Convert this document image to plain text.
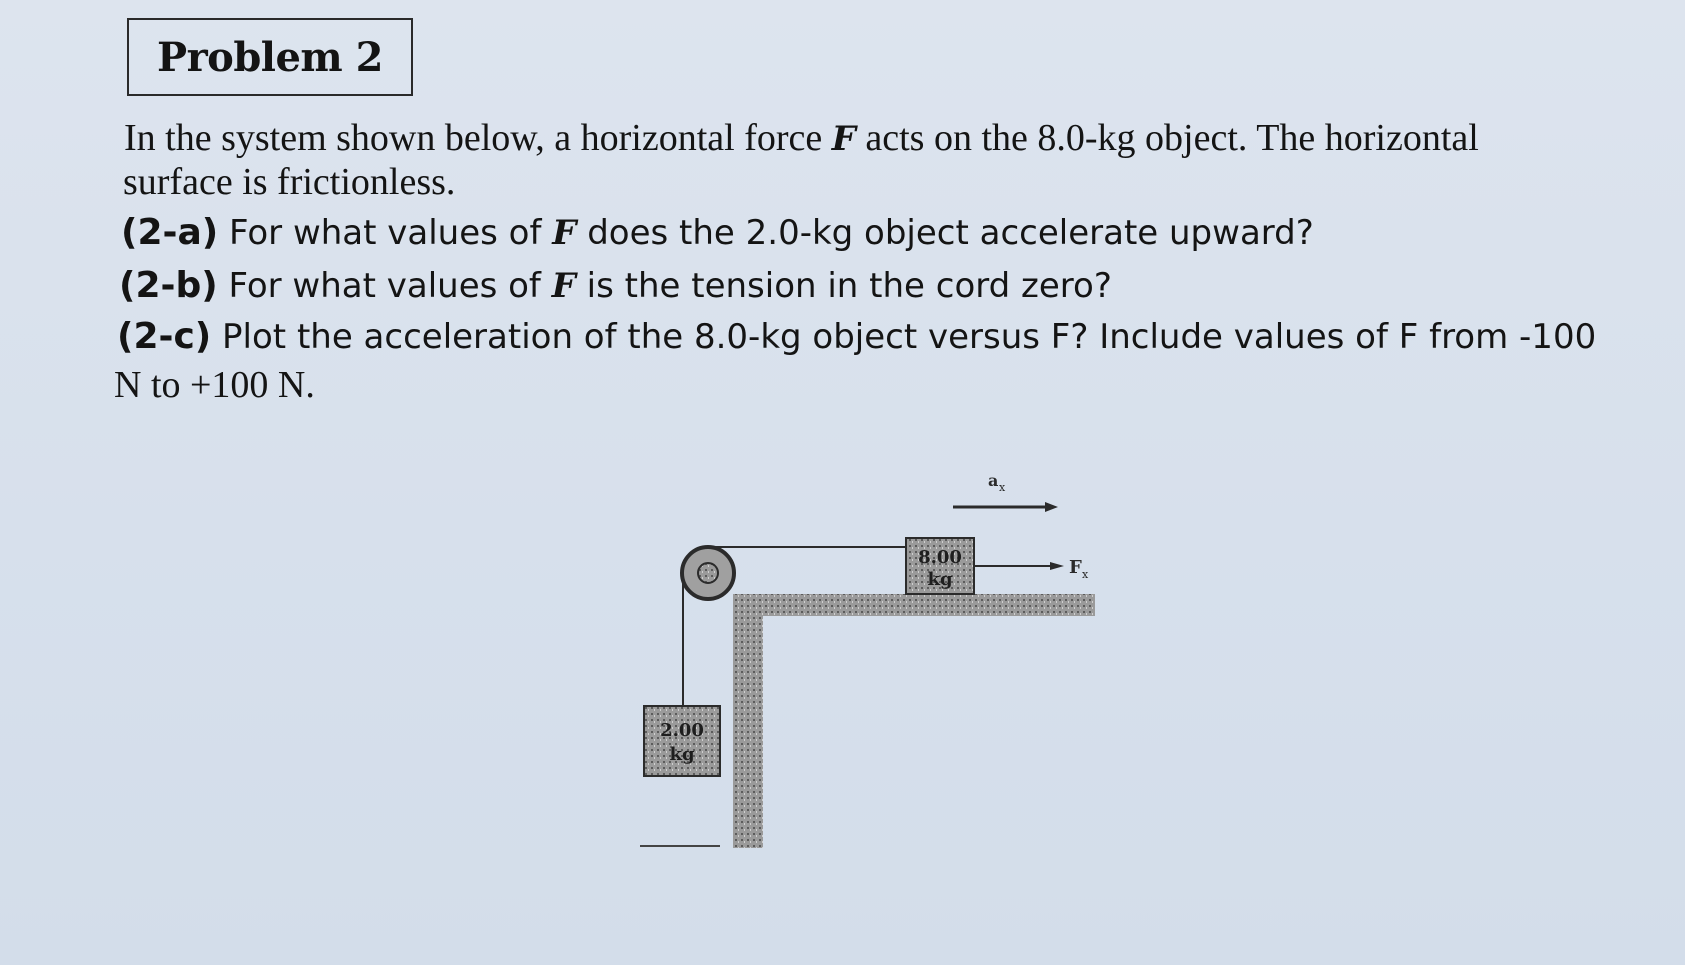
Problem 2
In the system shown below, a horizontal force F acts on the 8.0-kg object. The horizontal
surface is frictionless.
(2-a) For what values of F does the 2.0-kg object accelerate upward?
(2-b) For what values of F is the tension in the cord zero?
(2-c) Plot the acceleration of the 8.0-kg object versus F? Include values of F from -100
N to +100 N.
a x
8.00
kg
F x
2.00
kg
